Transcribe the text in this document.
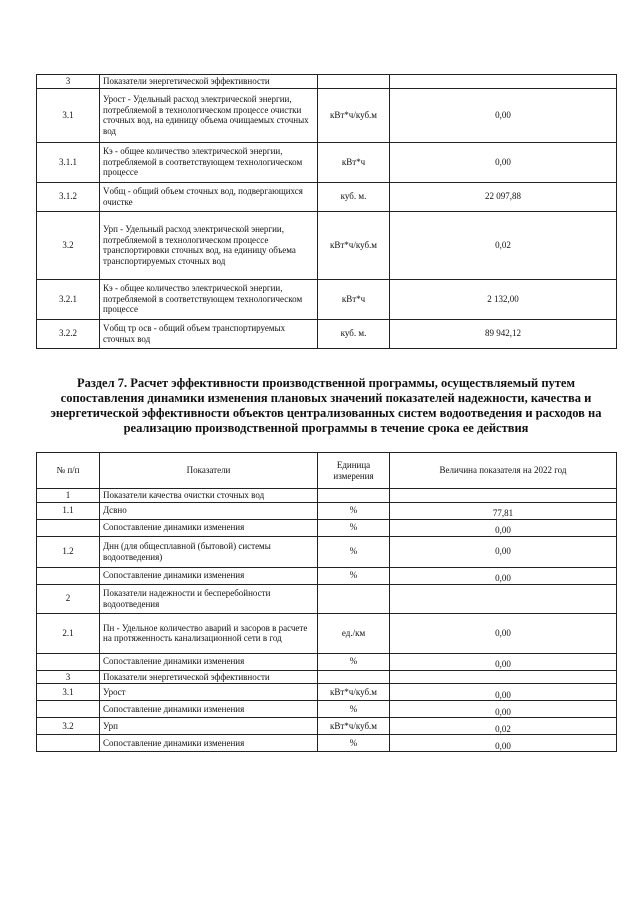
3	Показатели энергетической эффективности		
3.1	Уроcт - Удельный расход электрической энергии, потребляемой в технологическом процессе очистки сточных вод, на единицу объема очищаемых сточных вод	кВт*ч/куб.м	0,00
3.1.1	Кэ - общее количество электрической энергии, потребляемой в соответствующем технологическом процессе	кВт*ч	0,00
3.1.2	Vобщ - общий объем сточных вод, подвергающихся очистке	куб. м.	22 097,88
3.2	Урп - Удельный расход электрической энергии, потребляемой в технологическом процессе транспортировки сточных вод, на единицу объема транспортируемых сточных вод	кВт*ч/куб.м	0,02
3.2.1	Кэ - общее количество электрической энергии, потребляемой в соответствующем технологическом процессе	кВт*ч	2 132,00
3.2.2	Vобщ тр осв - общий объем транспортируемых сточных вод	куб. м.	89 942,12
Раздел 7. Расчет эффективности производственной программы, осуществляемый путем сопоставления динамики изменения плановых значений показателей надежности, качества и энергетической эффективности объектов централизованных систем водоотведения и расходов на реализацию производственной программы в течение срока ее действия
№ п/п	Показатели	Единица измерения	Величина показателя на 2022 год
1	Показатели качества очистки сточных вод		
1.1	Дсвно	%	77,81
	Сопоставление динамики изменения	%	0,00
1.2	Днн (для общесплавной (бытовой) системы водоотведения)	%	0,00
	Сопоставление динамики изменения	%	0,00
2	Показатели надежности и бесперебойности водоотведения		
2.1	Пн - Удельное количество аварий и засоров в расчете на протяженность канализационной сети в год	ед./км	0,00
	Сопоставление динамики изменения	%	0,00
3	Показатели энергетической эффективности		
3.1	Уроcт	кВт*ч/куб.м	0,00
	Сопоставление динамики изменения	%	0,00
3.2	Урп	кВт*ч/куб.м	0,02
	Сопоставление динамики изменения	%	0,00
